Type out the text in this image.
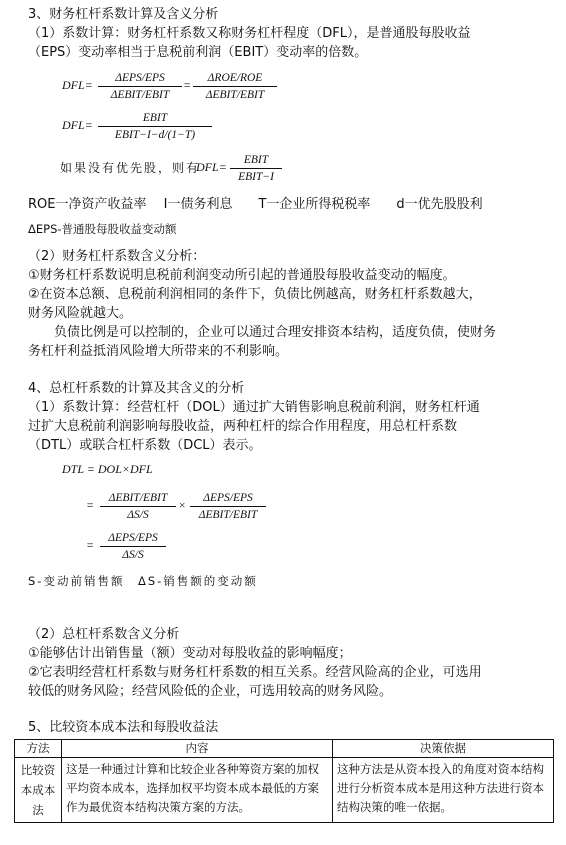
3、财务杠杆系数计算及含义分析
（1）系数计算：财务杠杆系数又称财务杠杆程度（DFL），是普通股每股收益
（EPS）变动率相当于息税前利润（EBIT）变动率的倍数。
DFL=	ΔEPS/EPS
ΔEBIT/EBIT
=	ΔROE/ROE
ΔEBIT/EBIT
DFL=	EBIT
EBIT−I−d/(1−T)
如果没有优先股，则有
DFL=	EBIT
EBIT−I
ROE一净资产收益率　 I一债务利息　　T一企业所得税税率　　d一优先股股利
ΔEPS-普通股每股收益变动额
（2）财务杠杆系数含义分析：
①财务杠杆系数说明息税前利润变动所引起的普通股每股收益变动的幅度。
②在资本总额、息税前利润相同的条件下，负债比例越高，财务杠杆系数越大，
财务风险就越大。
　　负债比例是可以控制的，企业可以通过合理安排资本结构，适度负债，使财务
务杠杆利益抵消风险增大所带来的不利影响。
4、总杠杆系数的计算及其含义的分析
（1）系数计算：经营杠杆（DOL）通过扩大销售影响息税前利润，财务杠杆通
过扩大息税前利润影响每股收益，两种杠杆的综合作用程度，用总杠杆系数
（DTL）或联合杠杆系数（DCL）表示。
DTL = DOL×DFL
=	ΔEBIT/EBIT
ΔS/S
×	ΔEPS/EPS
ΔEBIT/EBIT
=	ΔEPS/EPS
ΔS/S
S-变动前销售额　ΔS-销售额的变动额
（2）总杠杆系数含义分析
①能够估计出销售量（额）变动对每股收益的影响幅度；
②它表明经营杠杆系数与财务杠杆系数的相互关系。经营风险高的企业，可选用
较低的财务风险；经营风险低的企业，可选用较高的财务风险。
5、比较资本成本法和每股收益法
方法	内容	决策依据
比较资本成本法	这是一种通过计算和比较企业各种筹资方案的加权平均资本成本，选择加权平均资本成本最低的方案作为最优资本结构决策方案的方法。	这种方法是从资本投入的角度对资本结构进行分析资本成本是用这种方法进行资本结构决策的唯一依据。
